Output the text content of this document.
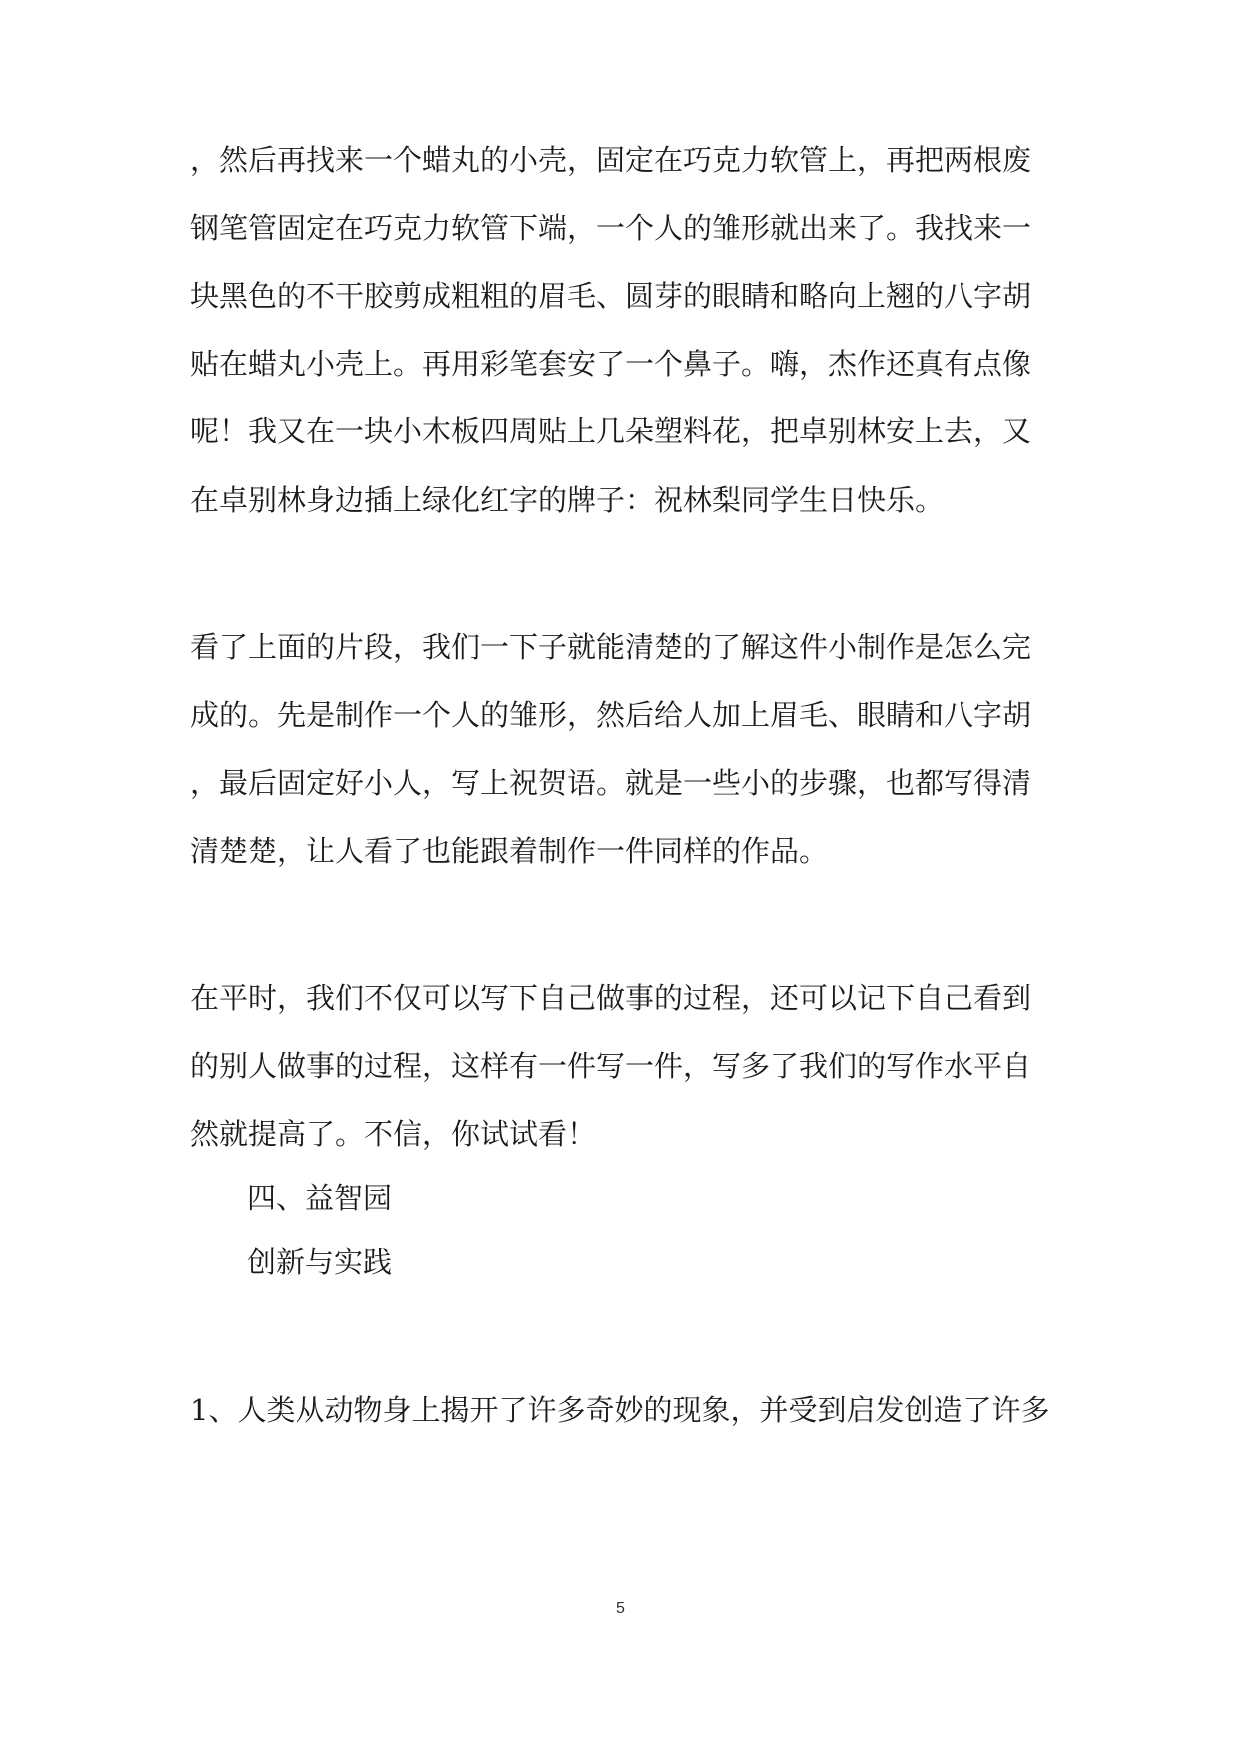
，然后再找来一个蜡丸的小壳，固定在巧克力软管上，再把两根废
钢笔管固定在巧克力软管下端，一个人的雏形就出来了。我找来一
块黑色的不干胶剪成粗粗的眉毛、圆芽的眼睛和略向上翘的八字胡
贴在蜡丸小壳上。再用彩笔套安了一个鼻子。嗨，杰作还真有点像
呢！我又在一块小木板四周贴上几朵塑料花，把卓别林安上去，又
在卓别林身边插上绿化红字的牌子：祝林梨同学生日快乐。
看了上面的片段，我们一下子就能清楚的了解这件小制作是怎么完
成的。先是制作一个人的雏形，然后给人加上眉毛、眼睛和八字胡
，最后固定好小人，写上祝贺语。就是一些小的步骤，也都写得清
清楚楚，让人看了也能跟着制作一件同样的作品。
在平时，我们不仅可以写下自己做事的过程，还可以记下自己看到
的别人做事的过程，这样有一件写一件，写多了我们的写作水平自
然就提高了。不信，你试试看！
四、益智园
创新与实践
1、人类从动物身上揭开了许多奇妙的现象，并受到启发创造了许多
5
